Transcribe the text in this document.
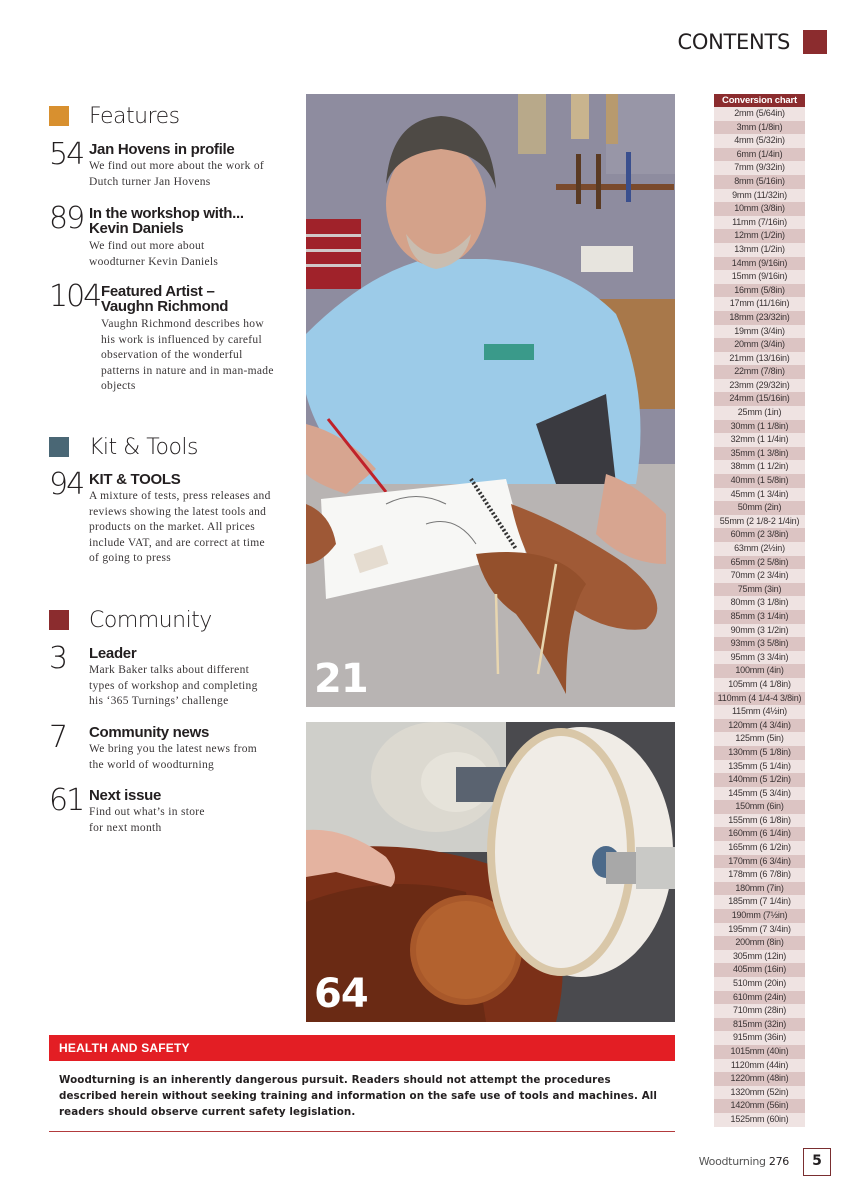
CONTENTS
Features
54 Jan Hovens in profile
We find out more about the work of Dutch turner Jan Hovens
89 In the workshop with... Kevin Daniels
We find out more about woodturner Kevin Daniels
104 Featured Artist – Vaughn Richmond
Vaughn Richmond describes how his work is influenced by careful observation of the wonderful patterns in nature and in man-made objects
Kit & Tools
94 KIT & TOOLS
A mixture of tests, press releases and reviews showing the latest tools and products on the market. All prices include VAT, and are correct at time of going to press
Community
3 Leader
Mark Baker talks about different types of workshop and completing his ‘365 Turnings’ challenge
7 Community news
We bring you the latest news from the world of woodturning
61 Next issue
Find out what’s in store for next month
21
64
Conversion chart
2mm (5/64in)
3mm (1/8in)
4mm (5/32in)
6mm (1/4in)
7mm (9/32in)
8mm (5/16in)
9mm (11/32in)
10mm (3/8in)
11mm (7/16in)
12mm (1/2in)
13mm (1/2in)
14mm (9/16in)
15mm (9/16in)
16mm (5/8in)
17mm (11/16in)
18mm (23/32in)
19mm (3/4in)
20mm (3/4in)
21mm (13/16in)
22mm (7/8in)
23mm (29/32in)
24mm (15/16in)
25mm (1in)
30mm (1 1/8in)
32mm (1 1/4in)
35mm (1 3/8in)
38mm (1 1/2in)
40mm (1 5/8in)
45mm (1 3/4in)
50mm (2in)
55mm (2 1/8-2 1/4in)
60mm (2 3/8in)
63mm (2½in)
65mm (2 5/8in)
70mm (2 3/4in)
75mm (3in)
80mm (3 1/8in)
85mm (3 1/4in)
90mm (3 1/2in)
93mm (3 5/8in)
95mm (3 3/4in)
100mm (4in)
105mm (4 1/8in)
110mm (4 1/4-4 3/8in)
115mm (4½in)
120mm (4 3/4in)
125mm (5in)
130mm (5 1/8in)
135mm (5 1/4in)
140mm (5 1/2in)
145mm (5 3/4in)
150mm (6in)
155mm (6 1/8in)
160mm (6 1/4in)
165mm (6 1/2in)
170mm (6 3/4in)
178mm (6 7/8in)
180mm (7in)
185mm (7 1/4in)
190mm (7½in)
195mm (7 3/4in)
200mm (8in)
305mm (12in)
405mm (16in)
510mm (20in)
610mm (24in)
710mm (28in)
815mm (32in)
915mm (36in)
1015mm (40in)
1120mm (44in)
1220mm (48in)
1320mm (52in)
1420mm (56in)
1525mm (60in)
HEALTH AND SAFETY
Woodturning is an inherently dangerous pursuit. Readers should not attempt the procedures described herein without seeking training and information on the safe use of tools and machines. All readers should observe current safety legislation.
Woodturning 276	5
